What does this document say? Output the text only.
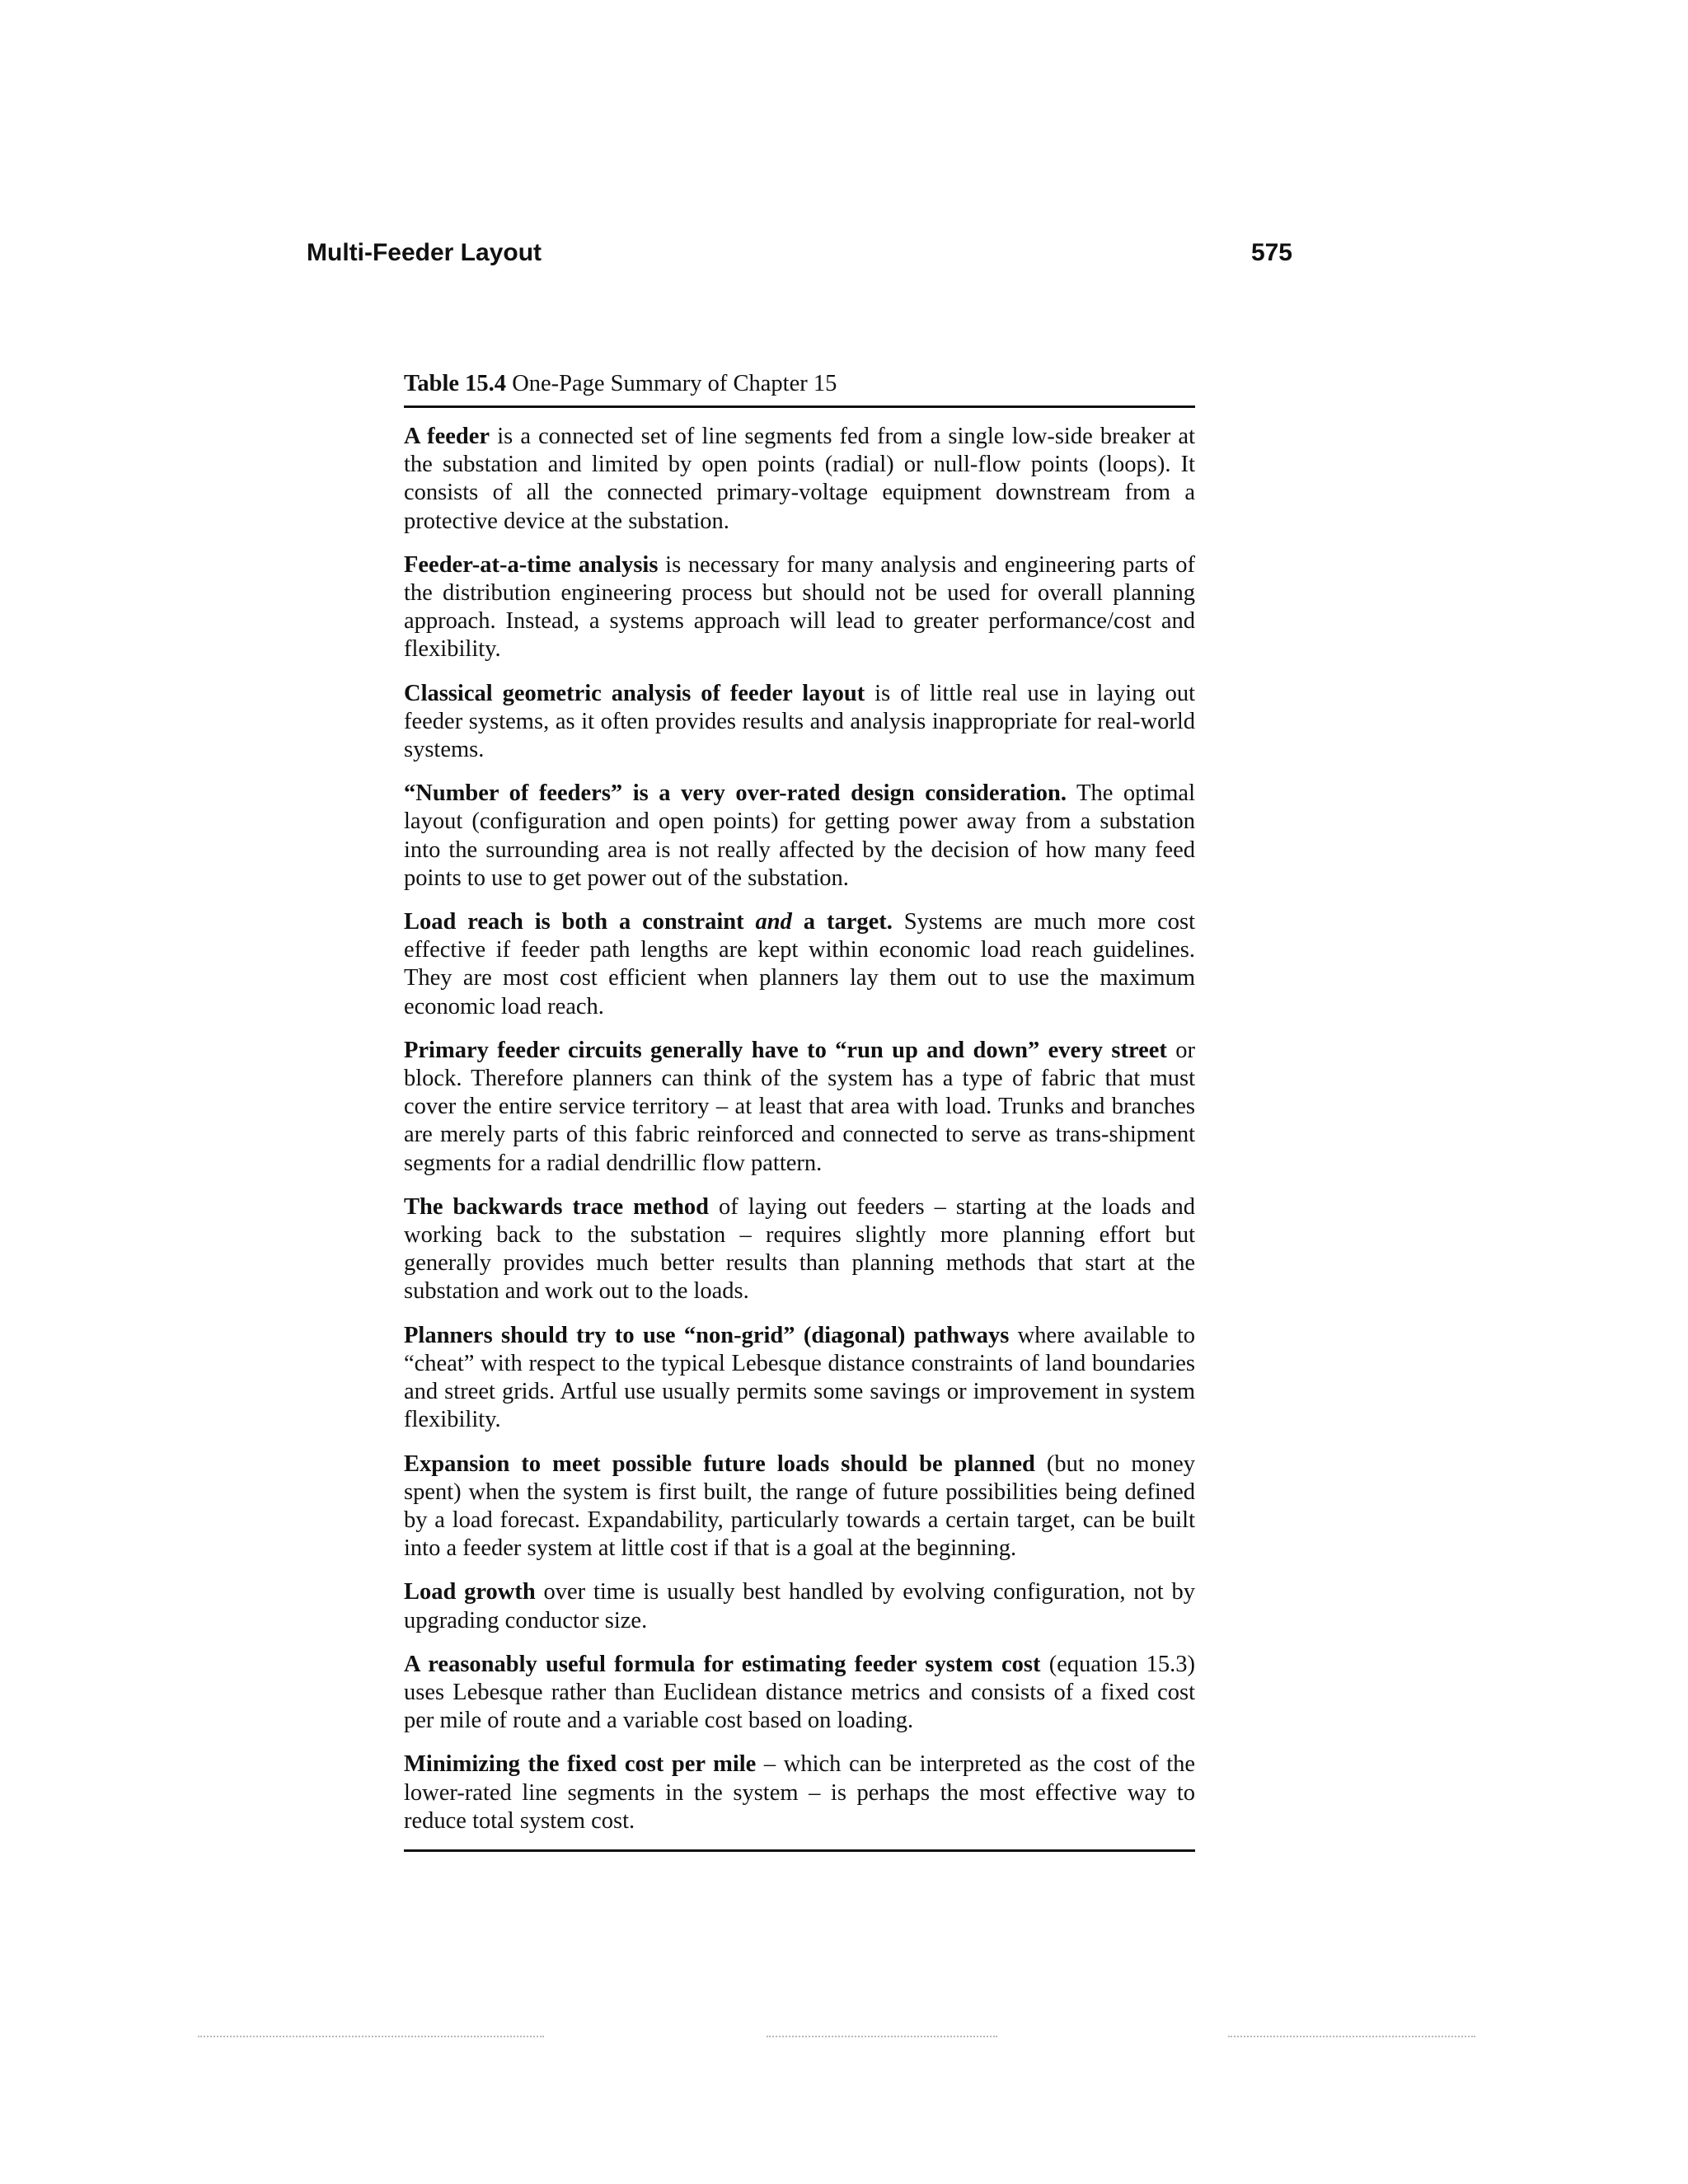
Multi-Feeder Layout	575
Table 15.4 One-Page Summary of Chapter 15

A feeder is a connected set of line segments fed from a single low-side breaker at the substation and limited by open points (radial) or null-flow points (loops). It consists of all the connected primary-voltage equipment downstream from a protective device at the substation.

Feeder-at-a-time analysis is necessary for many analysis and engineering parts of the distribution engineering process but should not be used for overall planning approach. Instead, a systems approach will lead to greater performance/cost and flexibility.

Classical geometric analysis of feeder layout is of little real use in laying out feeder systems, as it often provides results and analysis inappropriate for real-world systems.

“Number of feeders” is a very over-rated design consideration. The optimal layout (configuration and open points) for getting power away from a substation into the surrounding area is not really affected by the decision of how many feed points to use to get power out of the substation.

Load reach is both a constraint and a target. Systems are much more cost effective if feeder path lengths are kept within economic load reach guidelines. They are most cost efficient when planners lay them out to use the maximum economic load reach.

Primary feeder circuits generally have to “run up and down” every street or block. Therefore planners can think of the system has a type of fabric that must cover the entire service territory – at least that area with load. Trunks and branches are merely parts of this fabric reinforced and connected to serve as trans-shipment segments for a radial dendrillic flow pattern.

The backwards trace method of laying out feeders – starting at the loads and working back to the substation – requires slightly more planning effort but generally provides much better results than planning methods that start at the substation and work out to the loads.

Planners should try to use “non-grid” (diagonal) pathways where available to “cheat” with respect to the typical Lebesque distance constraints of land boundaries and street grids. Artful use usually permits some savings or improvement in system flexibility.

Expansion to meet possible future loads should be planned (but no money spent) when the system is first built, the range of future possibilities being defined by a load forecast. Expandability, particularly towards a certain target, can be built into a feeder system at little cost if that is a goal at the beginning.

Load growth over time is usually best handled by evolving configuration, not by upgrading conductor size.

A reasonably useful formula for estimating feeder system cost (equation 15.3) uses Lebesque rather than Euclidean distance metrics and consists of a fixed cost per mile of route and a variable cost based on loading.

Minimizing the fixed cost per mile – which can be interpreted as the cost of the lower-rated line segments in the system – is perhaps the most effective way to reduce total system cost.
